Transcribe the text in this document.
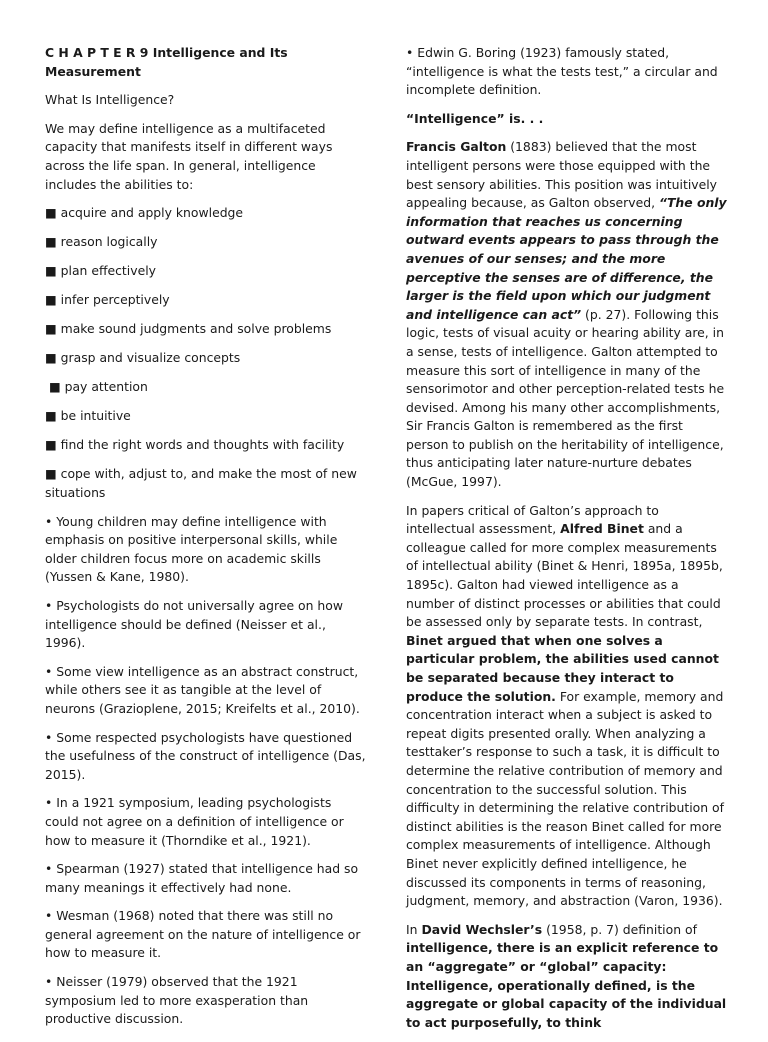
C H A P T E R 9 Intelligence and Its Measurement

What Is Intelligence?

We may define intelligence as a multifaceted capacity that manifests itself in different ways across the life span. In general, intelligence includes the abilities to:

■ acquire and apply knowledge

■ reason logically

■ plan effectively

■ infer perceptively

■ make sound judgments and solve problems

■ grasp and visualize concepts

■ pay attention

■ be intuitive

■ find the right words and thoughts with facility

■ cope with, adjust to, and make the most of new situations

• Young children may define intelligence with emphasis on positive interpersonal skills, while older children focus more on academic skills (Yussen & Kane, 1980).

• Psychologists do not universally agree on how intelligence should be defined (Neisser et al., 1996).

• Some view intelligence as an abstract construct, while others see it as tangible at the level of neurons (Grazioplene, 2015; Kreifelts et al., 2010).

• Some respected psychologists have questioned the usefulness of the construct of intelligence (Das, 2015).

• In a 1921 symposium, leading psychologists could not agree on a definition of intelligence or how to measure it (Thorndike et al., 1921).

• Spearman (1927) stated that intelligence had so many meanings it effectively had none.

• Wesman (1968) noted that there was still no general agreement on the nature of intelligence or how to measure it.

• Neisser (1979) observed that the 1921 symposium led to more exasperation than productive discussion.

• Edwin G. Boring (1923) famously stated, “intelligence is what the tests test,” a circular and incomplete definition.

“Intelligence” is. . .

Francis Galton (1883) believed that the most intelligent persons were those equipped with the best sensory abilities. This position was intuitively appealing because, as Galton observed, “The only information that reaches us concerning outward events appears to pass through the avenues of our senses; and the more perceptive the senses are of difference, the larger is the field upon which our judgment and intelligence can act” (p. 27). Following this logic, tests of visual acuity or hearing ability are, in a sense, tests of intelligence. Galton attempted to measure this sort of intelligence in many of the sensorimotor and other perception-related tests he devised. Among his many other accomplishments, Sir Francis Galton is remembered as the first person to publish on the heritability of intelligence, thus anticipating later nature-nurture debates (McGue, 1997).

In papers critical of Galton’s approach to intellectual assessment, Alfred Binet and a colleague called for more complex measurements of intellectual ability (Binet & Henri, 1895a, 1895b, 1895c). Galton had viewed intelligence as a number of distinct processes or abilities that could be assessed only by separate tests. In contrast, Binet argued that when one solves a particular problem, the abilities used cannot be separated because they interact to produce the solution. For example, memory and concentration interact when a subject is asked to repeat digits presented orally. When analyzing a testtaker’s response to such a task, it is difficult to determine the relative contribution of memory and concentration to the successful solution. This difficulty in determining the relative contribution of distinct abilities is the reason Binet called for more complex measurements of intelligence. Although Binet never explicitly defined intelligence, he discussed its components in terms of reasoning, judgment, memory, and abstraction (Varon, 1936).

In David Wechsler’s (1958, p. 7) definition of intelligence, there is an explicit reference to an “aggregate” or “global” capacity: Intelligence, operationally defined, is the aggregate or global capacity of the individual to act purposefully, to think
